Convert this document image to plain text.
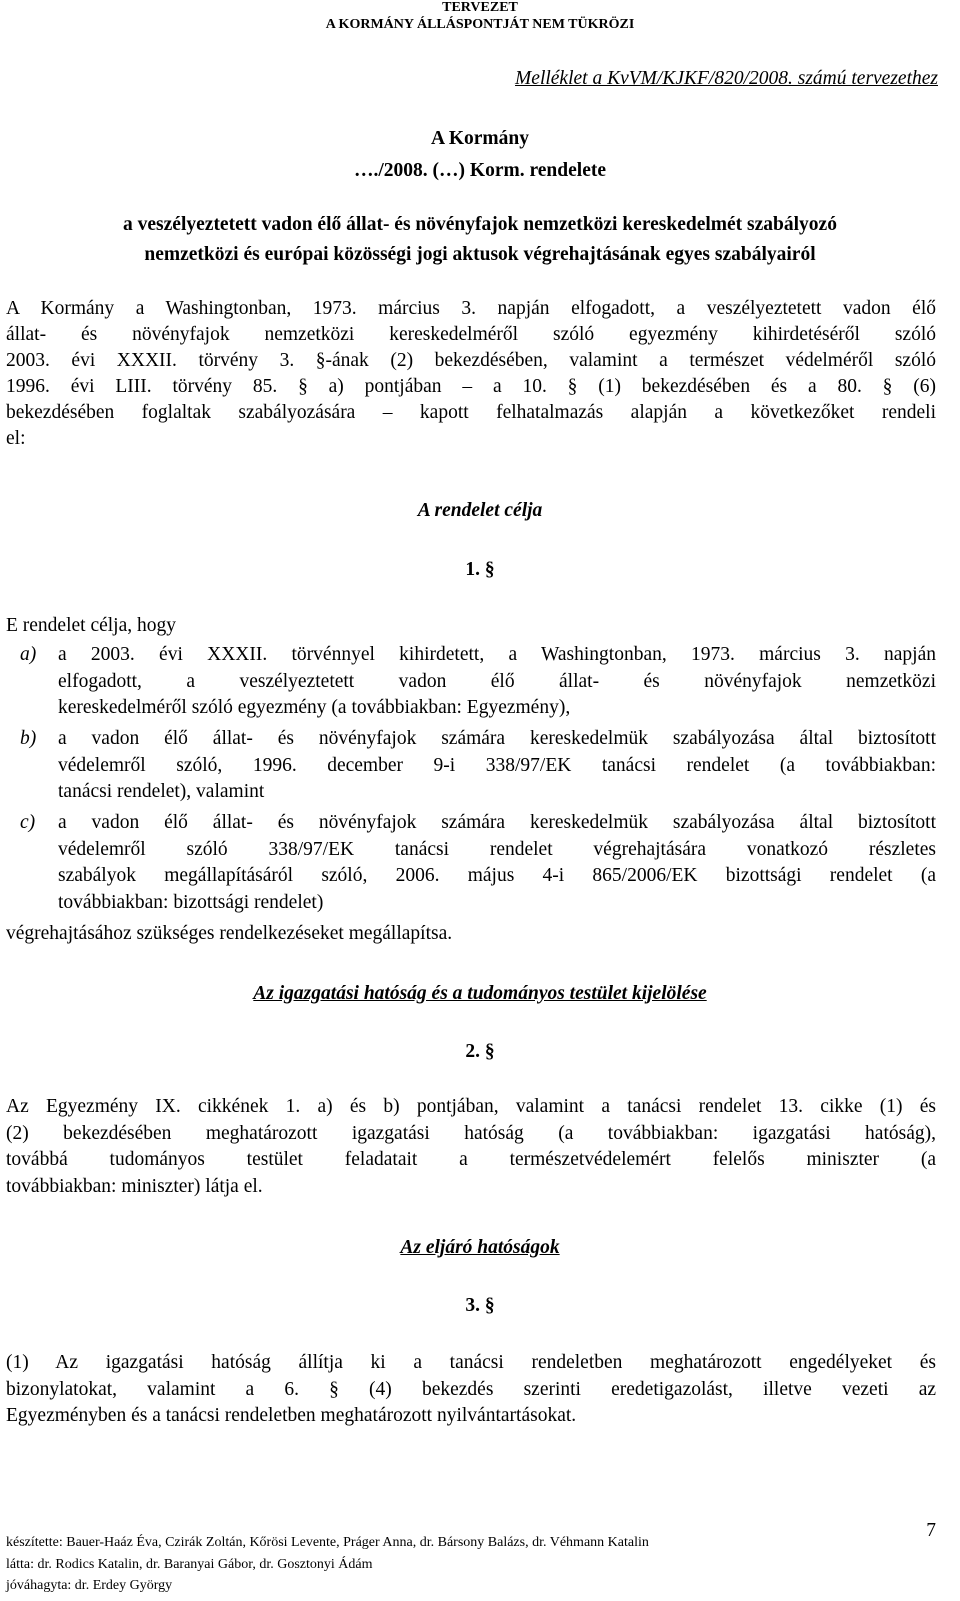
TERVEZET
A KORMÁNY ÁLLÁSPONTJÁT NEM TÜKRÖZI
Melléklet a KvVM/KJKF/820/2008. számú tervezethez
A Kormány
…./2008. (…) Korm. rendelete
a veszélyeztetett vadon élő állat- és növényfajok nemzetközi kereskedelmét szabályozó
nemzetközi és európai közösségi jogi aktusok végrehajtásának egyes szabályairól
A Kormány a Washingtonban, 1973. március 3. napján elfogadott, a veszélyeztetett vadon élő
állat- és növényfajok nemzetközi kereskedelméről szóló egyezmény kihirdetéséről szóló
2003. évi XXXII. törvény 3. §-ának (2) bekezdésében, valamint a természet védelméről szóló
1996. évi LIII. törvény 85. § a) pontjában – a 10. § (1) bekezdésében és a 80. § (6)
bekezdésében foglaltak szabályozására – kapott felhatalmazás alapján a következőket rendeli
el:
A rendelet célja
1. §
E rendelet célja, hogy
a) a 2003. évi XXXII. törvénnyel kihirdetett, a Washingtonban, 1973. március 3. napján
elfogadott, a veszélyeztetett vadon élő állat- és növényfajok nemzetközi
kereskedelméről szóló egyezmény (a továbbiakban: Egyezmény),
b) a vadon élő állat- és növényfajok számára kereskedelmük szabályozása által biztosított
védelemről szóló, 1996. december 9-i 338/97/EK tanácsi rendelet (a továbbiakban:
tanácsi rendelet), valamint
c) a vadon élő állat- és növényfajok számára kereskedelmük szabályozása által biztosított
védelemről szóló 338/97/EK tanácsi rendelet végrehajtására vonatkozó részletes
szabályok megállapításáról szóló, 2006. május 4-i 865/2006/EK bizottsági rendelet (a
továbbiakban: bizottsági rendelet)
végrehajtásához szükséges rendelkezéseket megállapítsa.
Az igazgatási hatóság és a tudományos testület kijelölése
2. §
Az Egyezmény IX. cikkének 1. a) és b) pontjában, valamint a tanácsi rendelet 13. cikke (1) és
(2) bekezdésében meghatározott igazgatási hatóság (a továbbiakban: igazgatási hatóság),
továbbá tudományos testület feladatait a természetvédelemért felelős miniszter (a
továbbiakban: miniszter) látja el.
Az eljáró hatóságok
3. §
(1) Az igazgatási hatóság állítja ki a tanácsi rendeletben meghatározott engedélyeket és
bizonylatokat, valamint a 6. § (4) bekezdés szerinti eredetigazolást, illetve vezeti az
Egyezményben és a tanácsi rendeletben meghatározott nyilvántartásokat.
készítette: Bauer-Haáz Éva, Czirák Zoltán, Kőrösi Levente, Práger Anna, dr. Bársony Balázs, dr. Véhmann Katalin
látta: dr. Rodics Katalin, dr. Baranyai Gábor, dr. Gosztonyi Ádám
jóváhagyta: dr. Erdey György
7
